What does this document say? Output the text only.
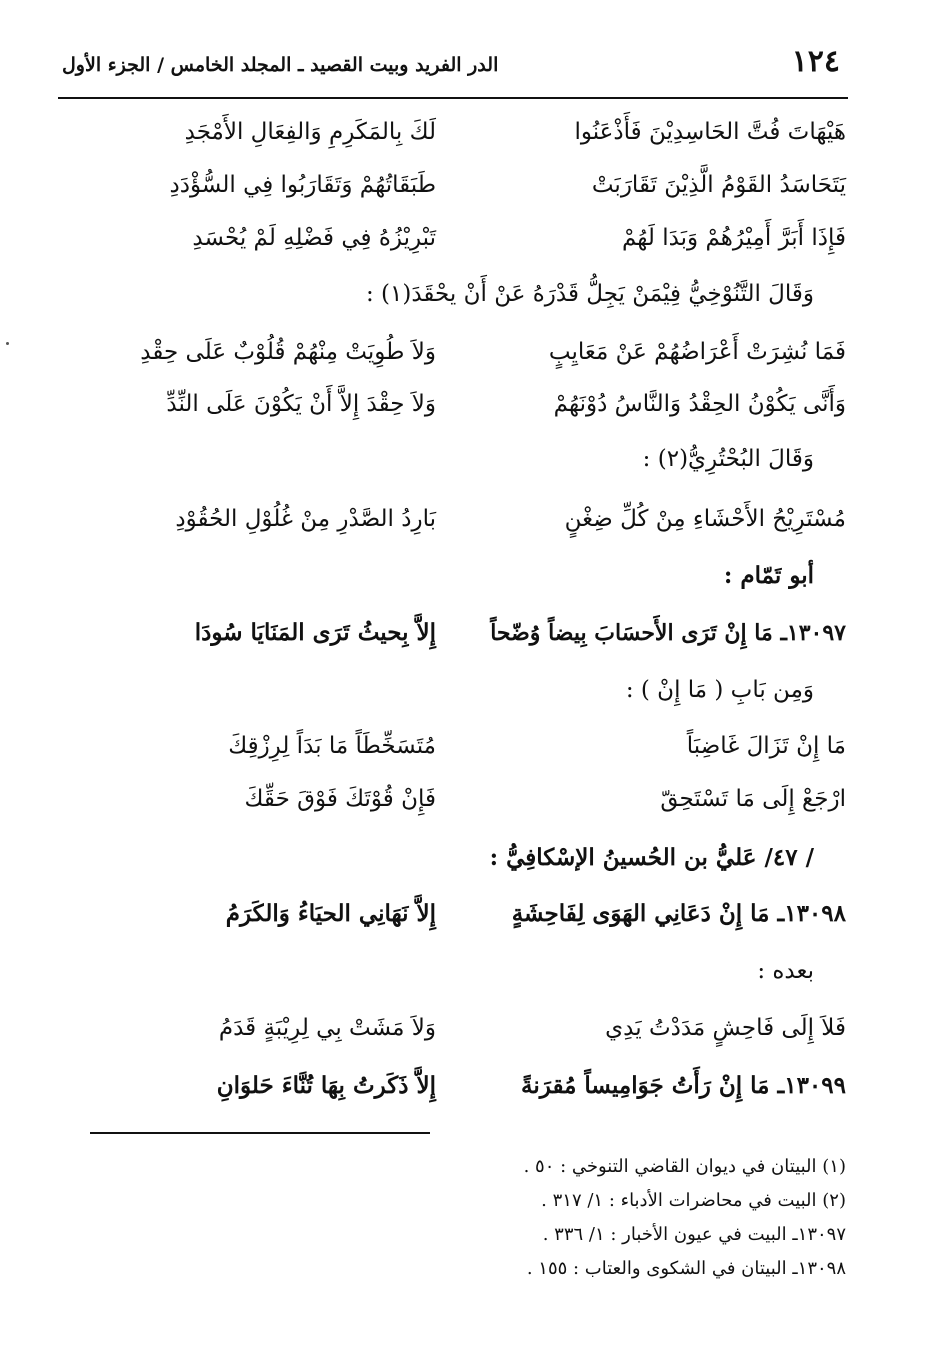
١٢٤
الدر الفريد وبيت القصيد ـ المجلد الخامس / الجزء الأول
هَيْهَاتَ فُتَّ الحَاسِدِيْنَ فَأَذْعَنُوا
لَكَ بِالمَكَرِمِ وَالفِعَالِ الأَمْجَدِ
يَتَحَاسَدُ القَوْمُ الَّذِيْنَ تَقَارَبَتْ
طَبَقَاتُهُمْ وَتَقَارَبُوا فِي السُّؤْدَدِ
فَإِذَا أَبَرَّ أَمِيْرُهُمْ وَبَدَا لَهُمْ
تَبْرِيْزُهُ فِي فَضْلِهِ لَمْ يُحْسَدِ
وَقَالَ التَّنُوْخِيُّ فِيْمَنْ يَجِلُّ قَدْرَهُ عَنْ أَنْ يحْقَدَ(١) :
فَمَا نُشِرَتْ أَعْرَاضُهُمْ عَنْ مَعَايِبٍ
وَلاَ طُوِيَتْ مِنْهُمْ قُلُوْبٌ عَلَى حِقْدِ
وَأَنَّى يَكُوْنُ الحِقْدُ وَالنَّاسُ دُوْنَهُمْ
وَلاَ حِقْدَ إِلاَّ أَنْ يَكُوْنَ عَلَى النِّدِّ
وَقَالَ البُحْتُرِيُّ(٢) :
مُسْتَرِيْحُ الأَحْشَاءِ مِنْ كُلِّ ضِغْنٍ
بَارِدُ الصَّدْرِ مِنْ غُلُوْلِ الحُقُوْدِ
أبو تَمّام :
١٣٠٩٧ـ مَا إِنْ تَرَى الأَحسَابَ بِيضاً وُضّحاً
إِلاَّ بِحيثُ تَرَى المَنَايَا سُودَا
وَمِن بَابِ ( مَا إِنْ ) :
مَا إِنْ تَزَالَ غَاضِبَاً
مُتَسَخِّطَاً مَا بَدَاً لِرِزْقِكَ
ارْجَعْ إِلَى مَا تَسْتَحِقّ
فَإِنْ قُوْتَكَ فَوْقَ حَقِّكَ
/ ٤٧/ عَليُّ بن الحُسينُ الإسْكافِيُّ :
١٣٠٩٨ـ مَا إِنْ دَعَانِي الهَوَى لِفَاحِشَةٍ
إِلاَّ نَهَانِي الحيَاءُ وَالكَرَمُ
بعده :
فَلاَ إِلَى فَاحِشٍ مَدَدْتُ يَدِي
وَلاَ مَشَتْ بِي لِرِيْبَةٍ قَدَمُ
١٣٠٩٩ـ مَا إِنْ رَأَتُ جَوَامِيساً مُقرَنةً
إِلاَّ ذَكَرتُ بِهَا تُنَّاءَ حَلوَانِ
(١) البيتان في ديوان القاضي التنوخي : ٥٠ .
(٢) البيت في محاضرات الأدباء : ١/ ٣١٧ .
١٣٠٩٧ـ البيت في عيون الأخبار : ١/ ٣٣٦ .
١٣٠٩٨ـ البيتان في الشكوى والعتاب : ١٥٥ .
